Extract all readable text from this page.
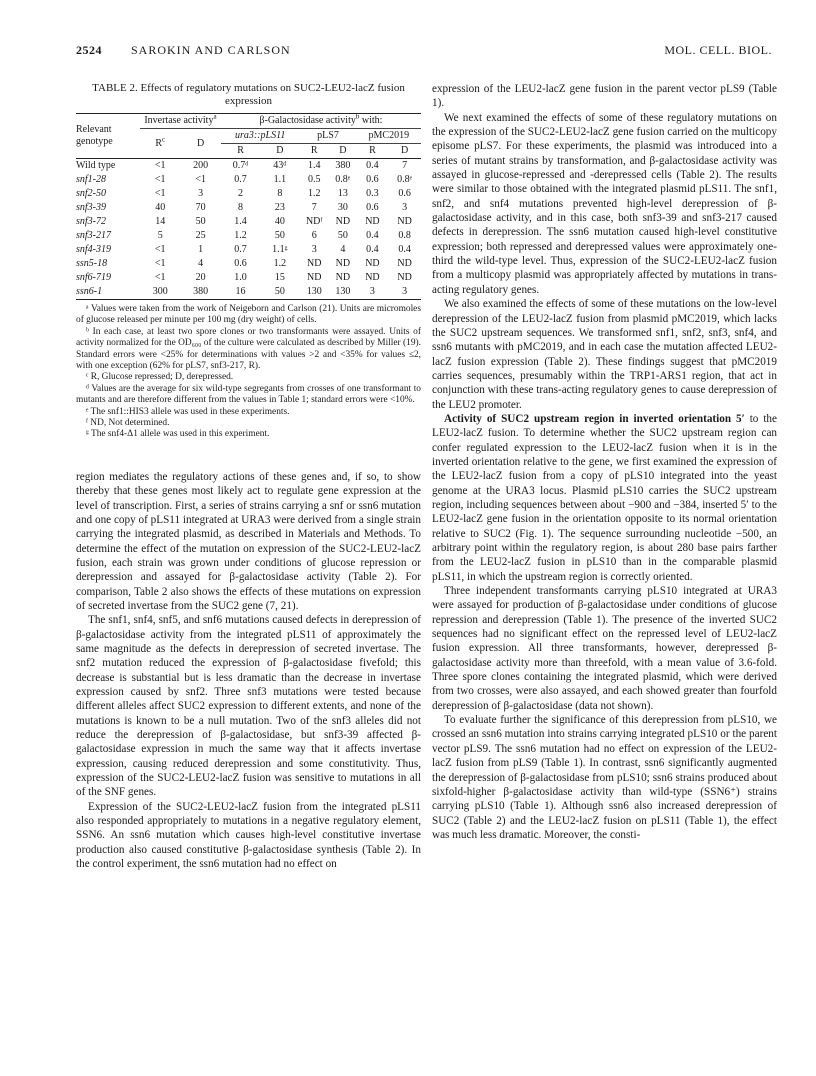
2524 SAROKIN AND CARLSON	MOL. CELL. BIOL.
TABLE 2. Effects of regulatory mutations on SUC2-LEU2-lacZ fusion expression
Relevant genotype	Invertase activity$^a$		β-Galactosidase activity$^b$ with:					
	$R^c$	D	ura3::pLS11		pLS7		pMC2019	
			R	D	R	D	R	D
Wild type	<1	200	0.7ᵈ	43ᵈ	1.4	380	0.4	7
snf1-28	<1	<1	0.7	1.1	0.5	0.8ᵉ	0.6	0.8ᵉ
snf2-50	<1	3	2	8	1.2	13	0.3	0.6
snf3-39	40	70	8	23	7	30	0.6	3
snf3-72	14	50	1.4	40	NDᶠ	ND	ND	ND
snf3-217	5	25	1.2	50	6	50	0.4	0.8
snf4-319	<1	1	0.7	1.1ᵍ	3	4	0.4	0.4
ssn5-18	<1	4	0.6	1.2	ND	ND	ND	ND
snf6-719	<1	20	1.0	15	ND	ND	ND	ND
ssn6-1	300	380	16	50	130	130	3	3
ᵃ Values were taken from the work of Neigeborn and Carlson (21). Units are micromoles of glucose released per minute per 100 mg (dry weight) of cells.
ᵇ In each case, at least two spore clones or two transformants were assayed. Units of activity normalized for the OD₆₀₀ of the culture were calculated as described by Miller (19). Standard errors were <25% for determinations with values >2 and <35% for values ≤2, with one exception (62% for pLS7, snf3-217, R).
ᶜ R, Glucose repressed; D, derepressed.
ᵈ Values are the average for six wild-type segregants from crosses of one transformant to mutants and are therefore different from the values in Table 1; standard errors were <10%.
ᵉ The snf1::HIS3 allele was used in these experiments.
ᶠ ND, Not determined.
ᵍ The snf4-Δ1 allele was used in this experiment.

region mediates the regulatory actions of these genes and, if so, to show thereby that these genes most likely act to regulate gene expression at the level of transcription. First, a series of strains carrying a snf or ssn6 mutation and one copy of pLS11 integrated at URA3 were derived from a single strain carrying the integrated plasmid, as described in Materials and Methods. To determine the effect of the mutation on expression of the SUC2-LEU2-lacZ fusion, each strain was grown under conditions of glucose repression or derepression and assayed for β-galactosidase activity (Table 2). For comparison, Table 2 also shows the effects of these mutations on expression of secreted invertase from the SUC2 gene (7, 21).

The snf1, snf4, snf5, and snf6 mutations caused defects in derepression of β-galactosidase activity from the integrated pLS11 of approximately the same magnitude as the defects in derepression of secreted invertase. The snf2 mutation reduced the expression of β-galactosidase fivefold; this decrease is substantial but is less dramatic than the decrease in invertase expression caused by snf2. Three snf3 mutations were tested because different alleles affect SUC2 expression to different extents, and none of the mutations is known to be a null mutation. Two of the snf3 alleles did not reduce the derepression of β-galactosidase, but snf3-39 affected β-galactosidase expression in much the same way that it affects invertase expression, causing reduced derepression and some constitutivity. Thus, expression of the SUC2-LEU2-lacZ fusion was sensitive to mutations in all of the SNF genes.

Expression of the SUC2-LEU2-lacZ fusion from the integrated pLS11 also responded appropriately to mutations in a negative regulatory element, SSN6. An ssn6 mutation which causes high-level constitutive invertase production also caused constitutive β-galactosidase synthesis (Table 2). In the control experiment, the ssn6 mutation had no effect on

expression of the LEU2-lacZ gene fusion in the parent vector pLS9 (Table 1).

We next examined the effects of some of these regulatory mutations on the expression of the SUC2-LEU2-lacZ gene fusion carried on the multicopy episome pLS7. For these experiments, the plasmid was introduced into a series of mutant strains by transformation, and β-galactosidase activity was assayed in glucose-repressed and -derepressed cells (Table 2). The results were similar to those obtained with the integrated plasmid pLS11. The snf1, snf2, and snf4 mutations prevented high-level derepression of β-galactosidase activity, and in this case, both snf3-39 and snf3-217 caused defects in derepression. The ssn6 mutation caused high-level constitutive expression; both repressed and derepressed values were approximately one-third the wild-type level. Thus, expression of the SUC2-LEU2-lacZ fusion from a multicopy plasmid was appropriately affected by mutations in trans-acting regulatory genes.

We also examined the effects of some of these mutations on the low-level derepression of the LEU2-lacZ fusion from plasmid pMC2019, which lacks the SUC2 upstream sequences. We transformed snf1, snf2, snf3, snf4, and ssn6 mutants with pMC2019, and in each case the mutation affected LEU2-lacZ fusion expression (Table 2). These findings suggest that pMC2019 carries sequences, presumably within the TRP1-ARS1 region, that act in conjunction with these trans-acting regulatory genes to cause derepression of the LEU2 promoter.

Activity of SUC2 upstream region in inverted orientation 5′ to the LEU2-lacZ fusion. To determine whether the SUC2 upstream region can confer regulated expression to the LEU2-lacZ fusion when it is in the inverted orientation relative to the gene, we first examined the expression of the LEU2-lacZ fusion from a copy of pLS10 integrated into the yeast genome at the URA3 locus. Plasmid pLS10 carries the SUC2 upstream region, including sequences between about −900 and −384, inserted 5′ to the LEU2-lacZ gene fusion in the orientation opposite to its normal orientation relative to SUC2 (Fig. 1). The sequence surrounding nucleotide −500, an arbitrary point within the regulatory region, is about 280 base pairs farther from the LEU2-lacZ fusion in pLS10 than in the comparable plasmid pLS11, in which the upstream region is correctly oriented.

Three independent transformants carrying pLS10 integrated at URA3 were assayed for production of β-galactosidase under conditions of glucose repression and derepression (Table 1). The presence of the inverted SUC2 sequences had no significant effect on the repressed level of LEU2-lacZ fusion expression. All three transformants, however, derepressed β-galactosidase activity more than threefold, with a mean value of 3.6-fold. Three spore clones containing the integrated plasmid, which were derived from two crosses, were also assayed, and each showed greater than fourfold derepression of β-galactosidase (data not shown).

To evaluate further the significance of this derepression from pLS10, we crossed an ssn6 mutation into strains carrying integrated pLS10 or the parent vector pLS9. The ssn6 mutation had no effect on expression of the LEU2-lacZ fusion from pLS9 (Table 1). In contrast, ssn6 significantly augmented the derepression of β-galactosidase from pLS10; ssn6 strains produced about sixfold-higher β-galactosidase activity than wild-type (SSN6⁺) strains carrying pLS10 (Table 1). Although ssn6 also increased derepression of SUC2 (Table 2) and the LEU2-lacZ fusion on pLS11 (Table 1), the effect was much less dramatic. Moreover, the consti-
